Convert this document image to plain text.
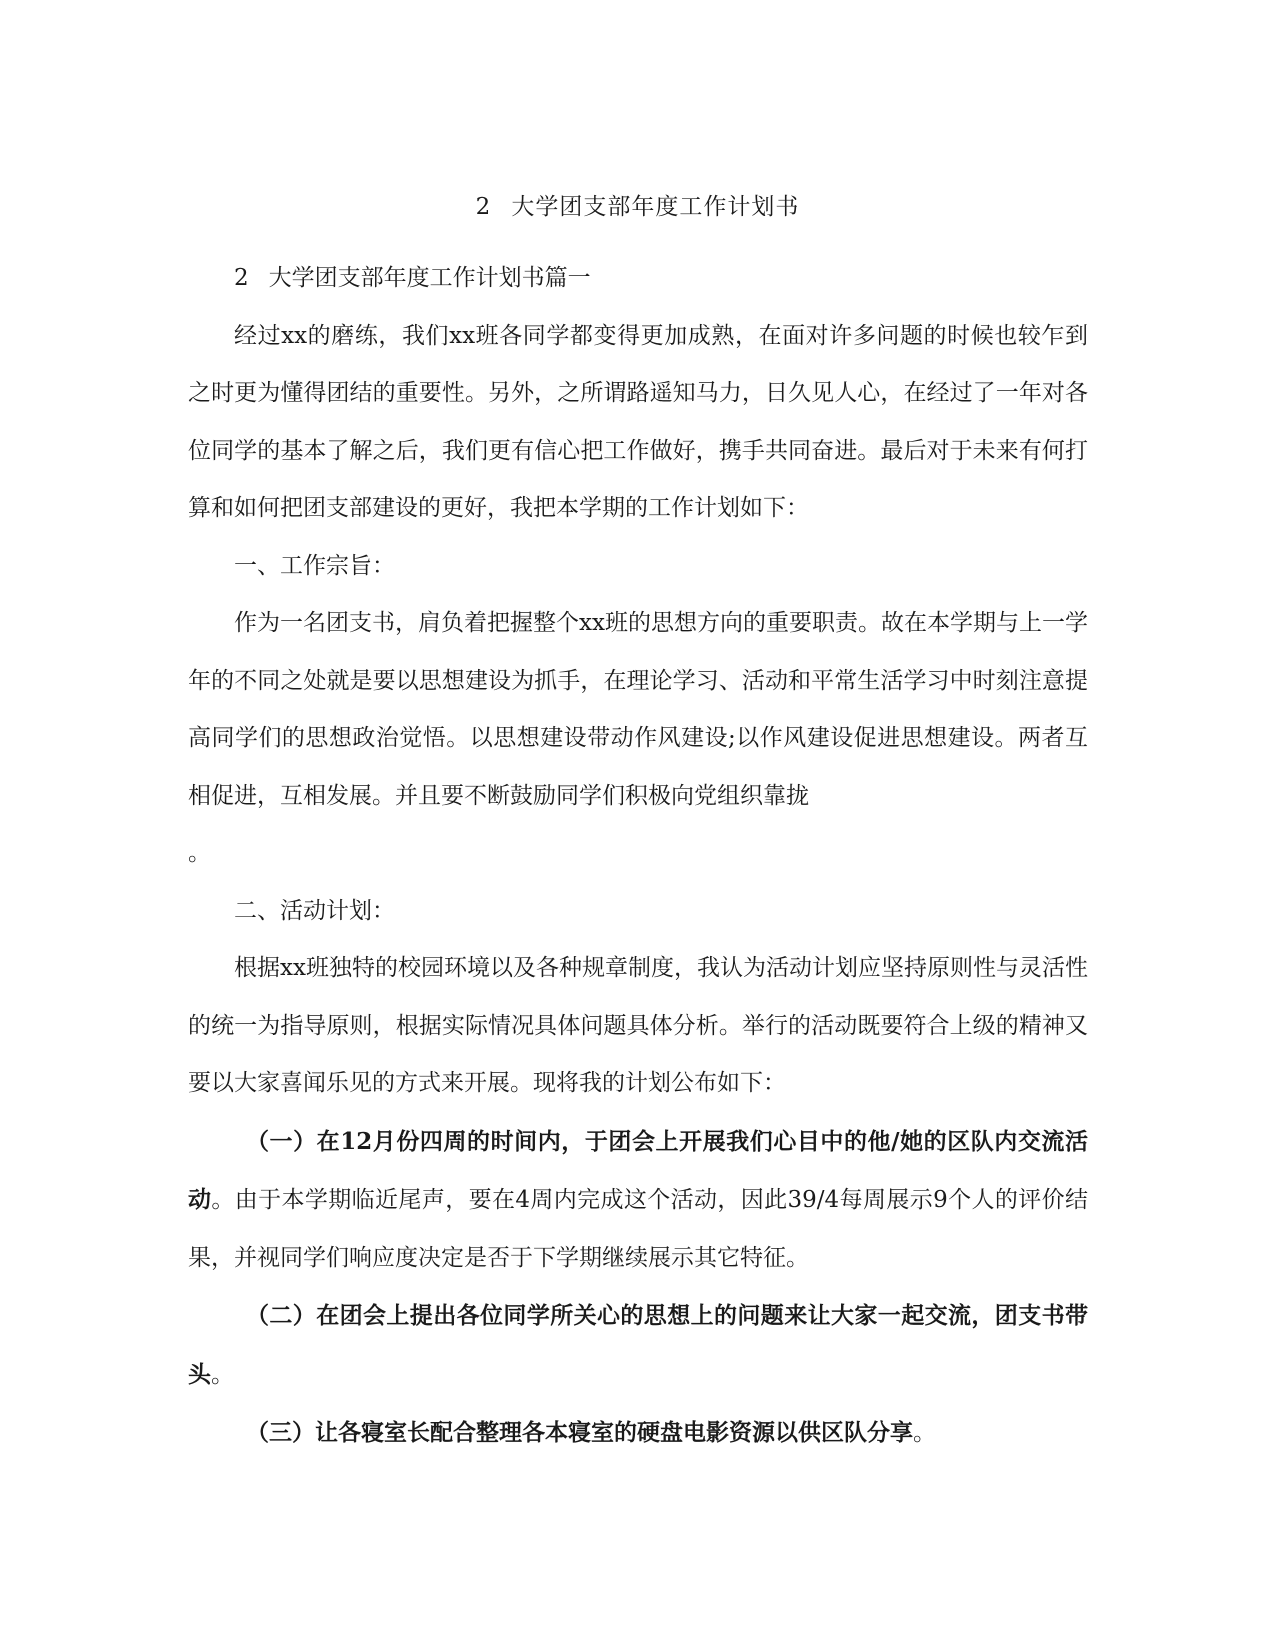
2 大学团支部年度工作计划书

2 大学团支部年度工作计划书篇一

经过xx的磨练，我们xx班各同学都变得更加成熟，在面对许多问题的时候也较乍到之时更为懂得团结的重要性。另外，之所谓路遥知马力，日久见人心，在经过了一年对各位同学的基本了解之后，我们更有信心把工作做好，携手共同奋进。最后对于未来有何打算和如何把团支部建设的更好，我把本学期的工作计划如下：

一、工作宗旨：

作为一名团支书，肩负着把握整个xx班的思想方向的重要职责。故在本学期与上一学年的不同之处就是要以思想建设为抓手，在理论学习、活动和平常生活学习中时刻注意提高同学们的思想政治觉悟。以思想建设带动作风建设;以作风建设促进思想建设。两者互相促进，互相发展。并且要不断鼓励同学们积极向党组织靠拢

。

二、活动计划：

根据xx班独特的校园环境以及各种规章制度，我认为活动计划应坚持原则性与灵活性的统一为指导原则，根据实际情况具体问题具体分析。举行的活动既要符合上级的精神又要以大家喜闻乐见的方式来开展。现将我的计划公布如下：

（一）在12月份四周的时间内，于团会上开展我们心目中的他/她的区队内交流活动。由于本学期临近尾声，要在4周内完成这个活动，因此39/4每周展示9个人的评价结果，并视同学们响应度决定是否于下学期继续展示其它特征。

（二）在团会上提出各位同学所关心的思想上的问题来让大家一起交流，团支书带头。

（三）让各寝室长配合整理各本寝室的硬盘电影资源以供区队分享。
